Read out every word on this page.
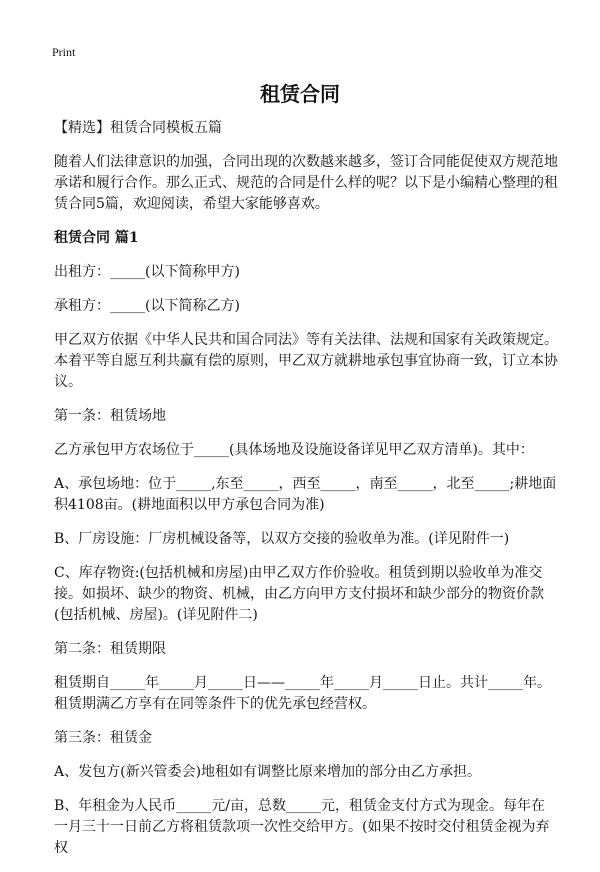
Print
租赁合同

【精选】租赁合同模板五篇

随着人们法律意识的加强，合同出现的次数越来越多，签订合同能促使双方规范地承诺和履行合作。那么正式、规范的合同是什么样的呢？以下是小编精心整理的租赁合同5篇，欢迎阅读，希望大家能够喜欢。

租赁合同 篇1

出租方：_____(以下简称甲方)

承租方：_____(以下简称乙方)

甲乙双方依据《中华人民共和国合同法》等有关法律、法规和国家有关政策规定。本着平等自愿互利共赢有偿的原则，甲乙双方就耕地承包事宜协商一致，订立本协议。

第一条：租赁场地

乙方承包甲方农场位于_____(具体场地及设施设备详见甲乙双方清单)。其中：

A、承包场地：位于_____,东至_____，西至_____，南至_____，北至_____;耕地面积4108亩。(耕地面积以甲方承包合同为准)

B、厂房设施：厂房机械设备等，以双方交接的验收单为准。(详见附件一)

C、库存物资:(包括机械和房屋)由甲乙双方作价验收。租赁到期以验收单为准交接。如损坏、缺少的物资、机械，由乙方向甲方支付损坏和缺少部分的物资价款(包括机械、房屋)。(详见附件二)

第二条：租赁期限

租赁期自_____年_____月_____日——_____年_____月_____日止。共计_____年。租赁期满乙方享有在同等条件下的优先承包经营权。

第三条：租赁金

A、发包方(新兴管委会)地租如有调整比原来增加的部分由乙方承担。

B、年租金为人民币_____元/亩，总数_____元，租赁金支付方式为现金。每年在一月三十一日前乙方将租赁款项一次性交给甲方。(如果不按时交付租赁金视为弃权
